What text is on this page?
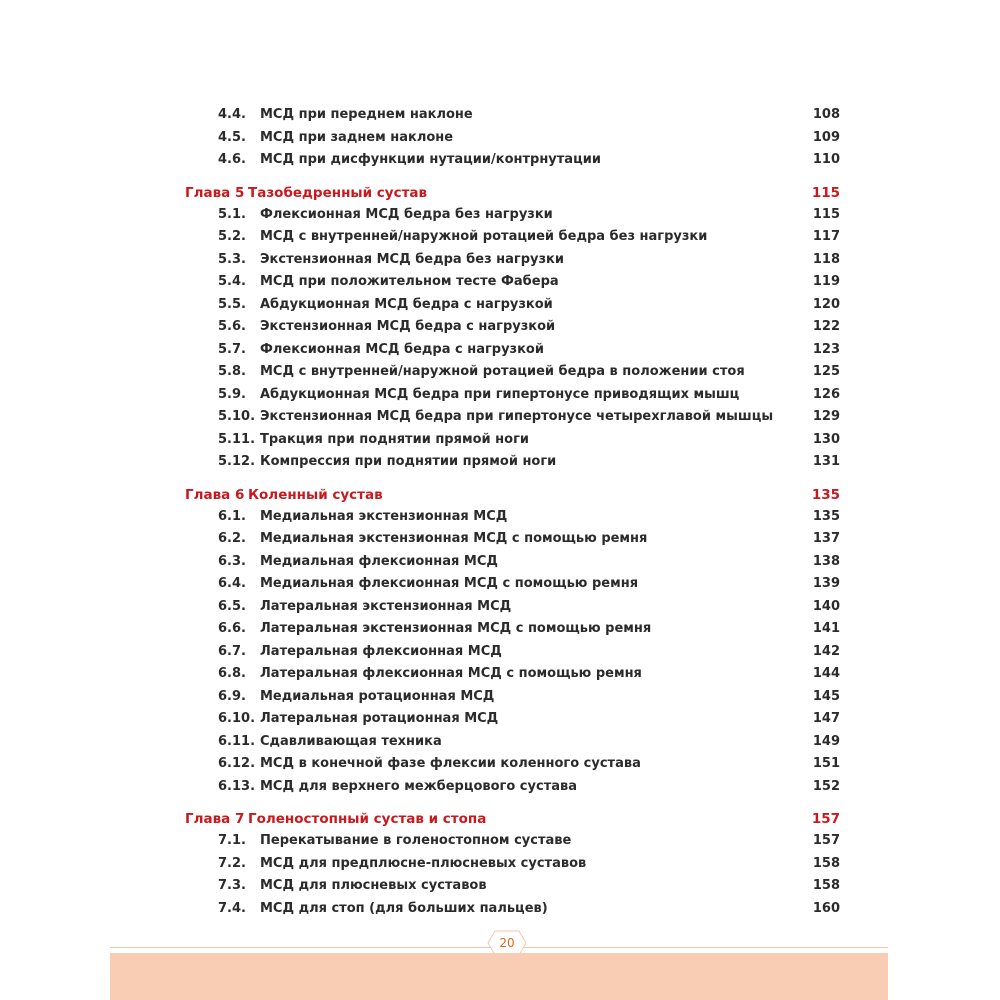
4.4. МСД при переднем наклоне	108
4.5. МСД при заднем наклоне	109
4.6. МСД при дисфункции нутации/контрнутации	110
Глава 5 Тазобедренный сустав	115
5.1. Флексионная МСД бедра без нагрузки	115
5.2. МСД с внутренней/наружной ротацией бедра без нагрузки	117
5.3. Экстензионная МСД бедра без нагрузки	118
5.4. МСД при положительном тесте Фабера	119
5.5. Абдукционная МСД бедра с нагрузкой	120
5.6. Экстензионная МСД бедра с нагрузкой	122
5.7. Флексионная МСД бедра с нагрузкой	123
5.8. МСД с внутренней/наружной ротацией бедра в положении стоя	125
5.9. Абдукционная МСД бедра при гипертонусе приводящих мышц	126
5.10. Экстензионная МСД бедра при гипертонусе четырехглавой мышцы	129
5.11. Тракция при поднятии прямой ноги	130
5.12. Компрессия при поднятии прямой ноги	131
Глава 6 Коленный сустав	135
6.1. Медиальная экстензионная МСД	135
6.2. Медиальная экстензионная МСД с помощью ремня	137
6.3. Медиальная флексионная МСД	138
6.4. Медиальная флексионная МСД с помощью ремня	139
6.5. Латеральная экстензионная МСД	140
6.6. Латеральная экстензионная МСД с помощью ремня	141
6.7. Латеральная флексионная МСД	142
6.8. Латеральная флексионная МСД с помощью ремня	144
6.9. Медиальная ротационная МСД	145
6.10. Латеральная ротационная МСД	147
6.11. Сдавливающая техника	149
6.12. МСД в конечной фазе флексии коленного сустава	151
6.13. МСД для верхнего межберцового сустава	152
Глава 7 Голеностопный сустав и стопа	157
7.1. Перекатывание в голеностопном суставе	157
7.2. МСД для предплюсне-плюсневых суставов	158
7.3. МСД для плюсневых суставов	158
7.4. МСД для стоп (для больших пальцев)	160
20
